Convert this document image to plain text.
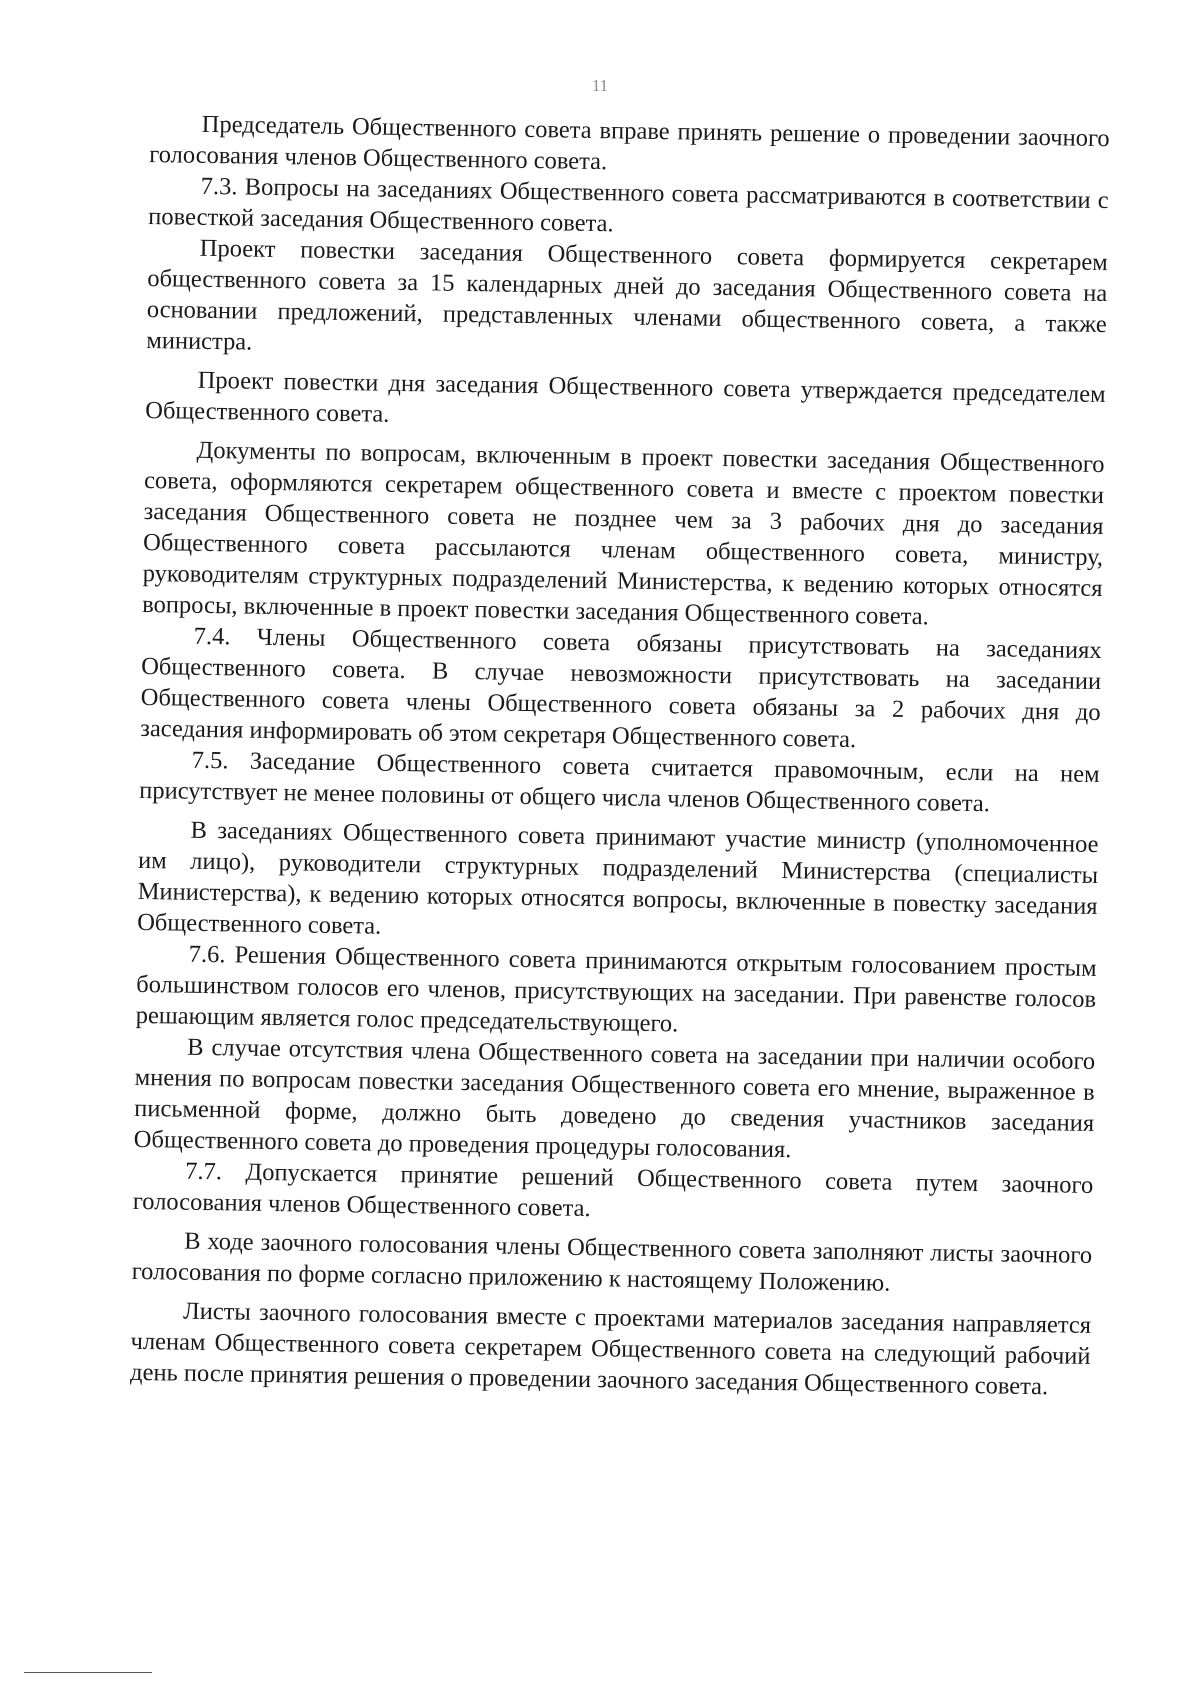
11

Председатель Общественного совета вправе принять решение о проведении заочного голосования членов Общественного совета.

7.3. Вопросы на заседаниях Общественного совета рассматриваются в соответствии с повесткой заседания Общественного совета.

Проект повестки заседания Общественного совета формируется секретарем общественного совета за 15 календарных дней до заседания Общественного совета на основании предложений, представленных членами общественного совета, а также министра.

Проект повестки дня заседания Общественного совета утверждается председателем Общественного совета.

Документы по вопросам, включенным в проект повестки заседания Общественного совета, оформляются секретарем общественного совета и вместе с проектом повестки заседания Общественного совета не позднее чем за 3 рабочих дня до заседания Общественного совета рассылаются членам общественного совета, министру, руководителям структурных подразделений Министерства, к ведению которых относятся вопросы, включенные в проект повестки заседания Общественного совета.

7.4. Члены Общественного совета обязаны присутствовать на заседаниях Общественного совета. В случае невозможности присутствовать на заседании Общественного совета члены Общественного совета обязаны за 2 рабочих дня до заседания информировать об этом секретаря Общественного совета.

7.5. Заседание Общественного совета считается правомочным, если на нем присутствует не менее половины от общего числа членов Общественного совета.

В заседаниях Общественного совета принимают участие министр (уполномоченное им лицо), руководители структурных подразделений Министерства (специалисты Министерства), к ведению которых относятся вопросы, включенные в повестку заседания Общественного совета.

7.6. Решения Общественного совета принимаются открытым голосованием простым большинством голосов его членов, присутствующих на заседании. При равенстве голосов решающим является голос председательствующего.

В случае отсутствия члена Общественного совета на заседании при наличии особого мнения по вопросам повестки заседания Общественного совета его мнение, выраженное в письменной форме, должно быть доведено до сведения участников заседания Общественного совета до проведения процедуры голосования.

7.7. Допускается принятие решений Общественного совета путем заочного голосования членов Общественного совета.

В ходе заочного голосования члены Общественного совета заполняют листы заочного голосования по форме согласно приложению к настоящему Положению.

Листы заочного голосования вместе с проектами материалов заседания направляется членам Общественного совета секретарем Общественного совета на следующий рабочий день после принятия решения о проведении заочного заседания Общественного совета.
